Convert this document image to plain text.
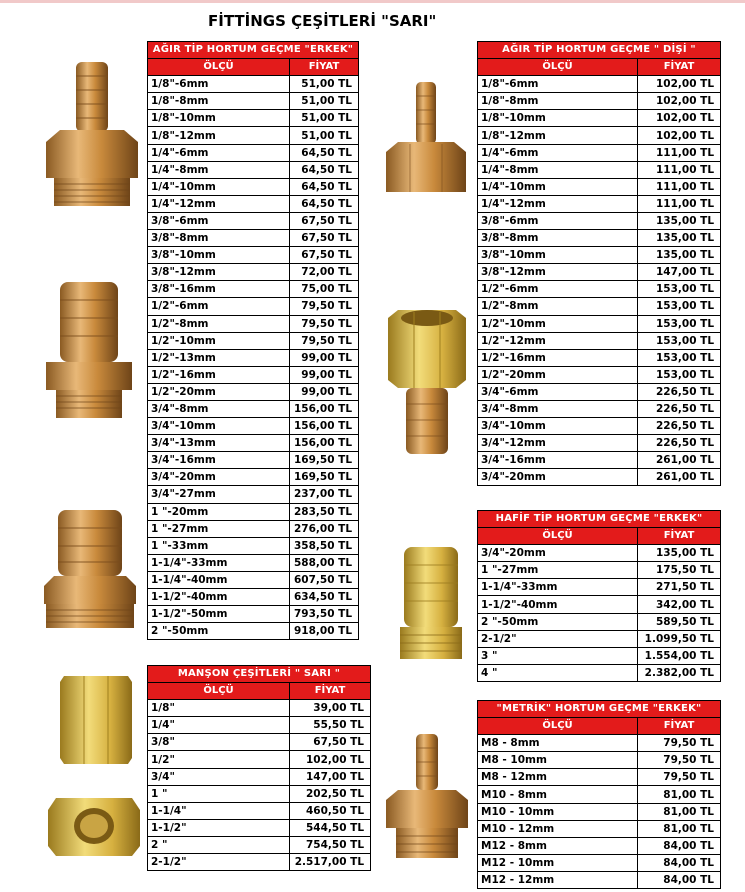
FİTTİNGS ÇEŞİTLERİ "SARI"
AĞIR TİP HORTUM GEÇME "ERKEK"	
ÖLÇÜ	FİYAT
1/8"-6mm	51,00 TL
1/8"-8mm	51,00 TL
1/8"-10mm	51,00 TL
1/8"-12mm	51,00 TL
1/4"-6mm	64,50 TL
1/4"-8mm	64,50 TL
1/4"-10mm	64,50 TL
1/4"-12mm	64,50 TL
3/8"-6mm	67,50 TL
3/8"-8mm	67,50 TL
3/8"-10mm	67,50 TL
3/8"-12mm	72,00 TL
3/8"-16mm	75,00 TL
1/2"-6mm	79,50 TL
1/2"-8mm	79,50 TL
1/2"-10mm	79,50 TL
1/2"-13mm	99,00 TL
1/2"-16mm	99,00 TL
1/2"-20mm	99,00 TL
3/4"-8mm	156,00 TL
3/4"-10mm	156,00 TL
3/4"-13mm	156,00 TL
3/4"-16mm	169,50 TL
3/4"-20mm	169,50 TL
3/4"-27mm	237,00 TL
1 "-20mm	283,50 TL
1 "-27mm	276,00 TL
1 "-33mm	358,50 TL
1-1/4"-33mm	588,00 TL
1-1/4"-40mm	607,50 TL
1-1/2"-40mm	634,50 TL
1-1/2"-50mm	793,50 TL
2 "-50mm	918,00 TL
AĞIR TİP HORTUM GEÇME " DİŞİ "	
ÖLÇÜ	FİYAT
1/8"-6mm	102,00 TL
1/8"-8mm	102,00 TL
1/8"-10mm	102,00 TL
1/8"-12mm	102,00 TL
1/4"-6mm	111,00 TL
1/4"-8mm	111,00 TL
1/4"-10mm	111,00 TL
1/4"-12mm	111,00 TL
3/8"-6mm	135,00 TL
3/8"-8mm	135,00 TL
3/8"-10mm	135,00 TL
3/8"-12mm	147,00 TL
1/2"-6mm	153,00 TL
1/2"-8mm	153,00 TL
1/2"-10mm	153,00 TL
1/2"-12mm	153,00 TL
1/2"-16mm	153,00 TL
1/2"-20mm	153,00 TL
3/4"-6mm	226,50 TL
3/4"-8mm	226,50 TL
3/4"-10mm	226,50 TL
3/4"-12mm	226,50 TL
3/4"-16mm	261,00 TL
3/4"-20mm	261,00 TL
HAFİF TİP HORTUM GEÇME "ERKEK"	
ÖLÇÜ	FİYAT
3/4"-20mm	135,00 TL
1 "-27mm	175,50 TL
1-1/4"-33mm	271,50 TL
1-1/2"-40mm	342,00 TL
2 "-50mm	589,50 TL
2-1/2"	1.099,50 TL
3 "	1.554,00 TL
4 "	2.382,00 TL
MANŞON ÇEŞİTLERİ " SARI "	
ÖLÇÜ	FİYAT
1/8"	39,00 TL
1/4"	55,50 TL
3/8"	67,50 TL
1/2"	102,00 TL
3/4"	147,00 TL
1 "	202,50 TL
1-1/4"	460,50 TL
1-1/2"	544,50 TL
2 "	754,50 TL
2-1/2"	2.517,00 TL
"METRİK" HORTUM GEÇME "ERKEK"	
ÖLÇÜ	FİYAT
M8 - 8mm	79,50 TL
M8 - 10mm	79,50 TL
M8 - 12mm	79,50 TL
M10 - 8mm	81,00 TL
M10 - 10mm	81,00 TL
M10 - 12mm	81,00 TL
M12 - 8mm	84,00 TL
M12 - 10mm	84,00 TL
M12 - 12mm	84,00 TL
